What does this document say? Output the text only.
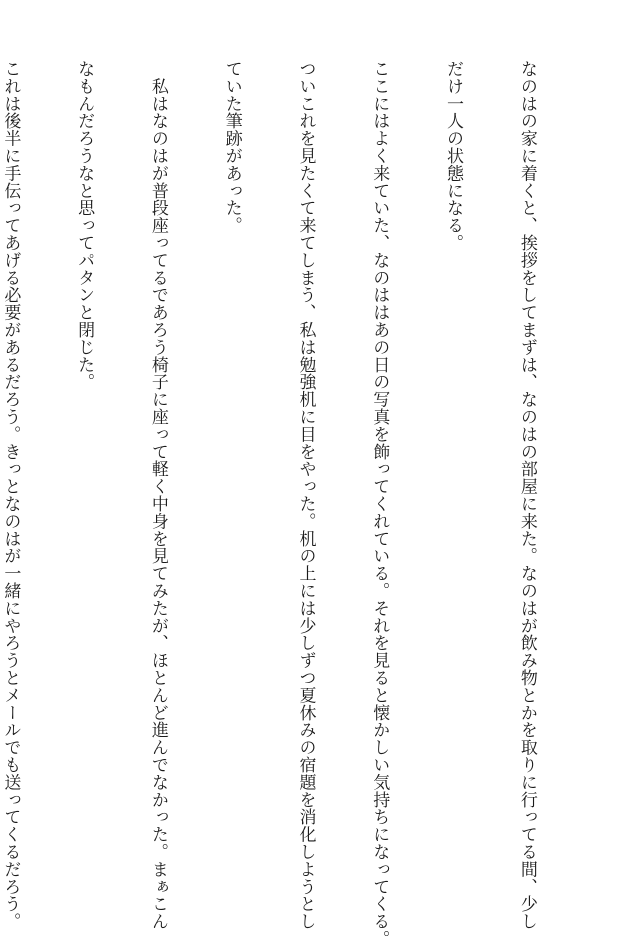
なのはの家に着くと、挨拶をしてまずは、なのはの部屋に来た。なのはが飲み物とかを取りに行ってる間、少し

だけ一人の状態になる。

ここにはよく来ていた、なのははあの日の写真を飾ってくれている。それを見ると懐かしい気持ちになってくる。

ついこれを見たくて来てしまう、私は勉強机に目をやった。机の上には少しずつ夏休みの宿題を消化しようとし

ていた筆跡があった。

　私はなのはが普段座ってるであろう椅子に座って軽く中身を見てみたが、ほとんど進んでなかった。まぁこん

なもんだろうなと思ってパタンと閉じた。

これは後半に手伝ってあげる必要があるだろう。きっとなのはが一緒にやろうとメールでも送ってくるだろう。
